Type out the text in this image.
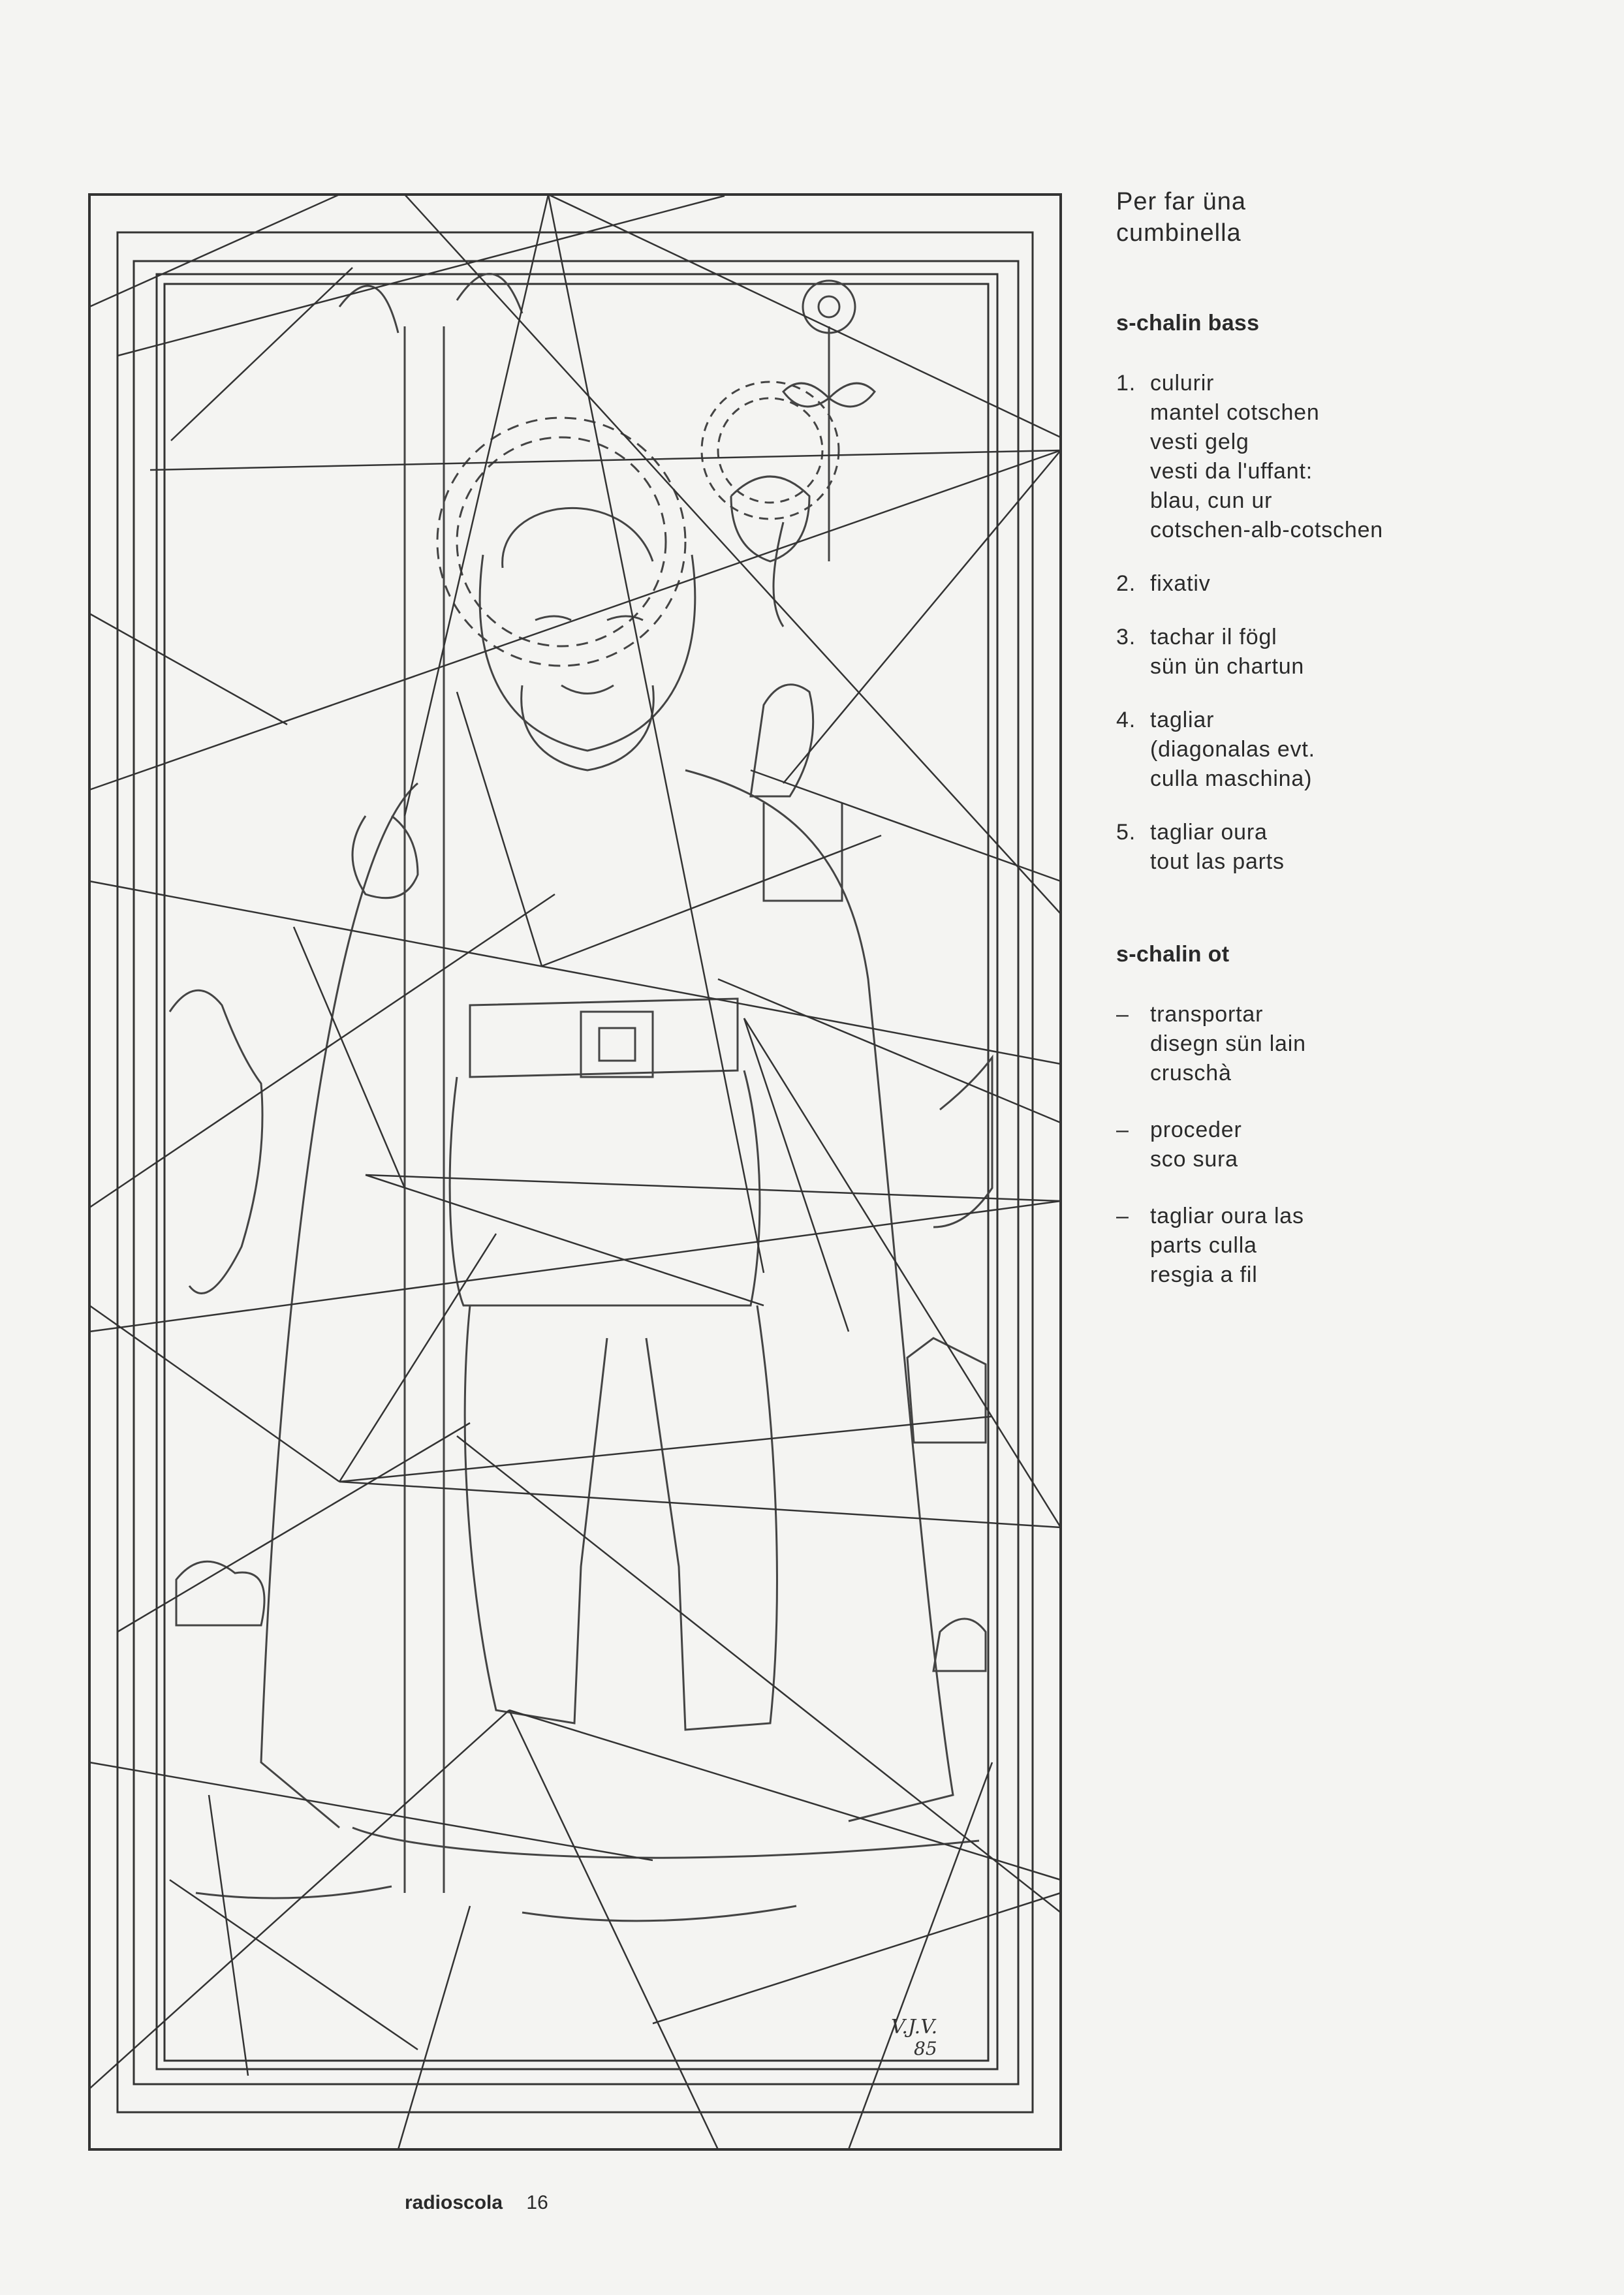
V.J.V.
85
Per far üna
cumbinella
s-chalin bass
1. culurir
mantel cotschen
vesti gelg
vesti da l'uffant:
blau, cun ur
cotschen-alb-cotschen
2. fixativ
3. tachar il fögl
sün ün chartun
4. tagliar
(diagonalas evt.
culla maschina)
5. tagliar oura
tout las parts
s-chalin ot
– transportar
disegn sün lain
cruschà
– proceder
sco sura
– tagliar oura las
parts culla
resgia a fil
radioscola 16
